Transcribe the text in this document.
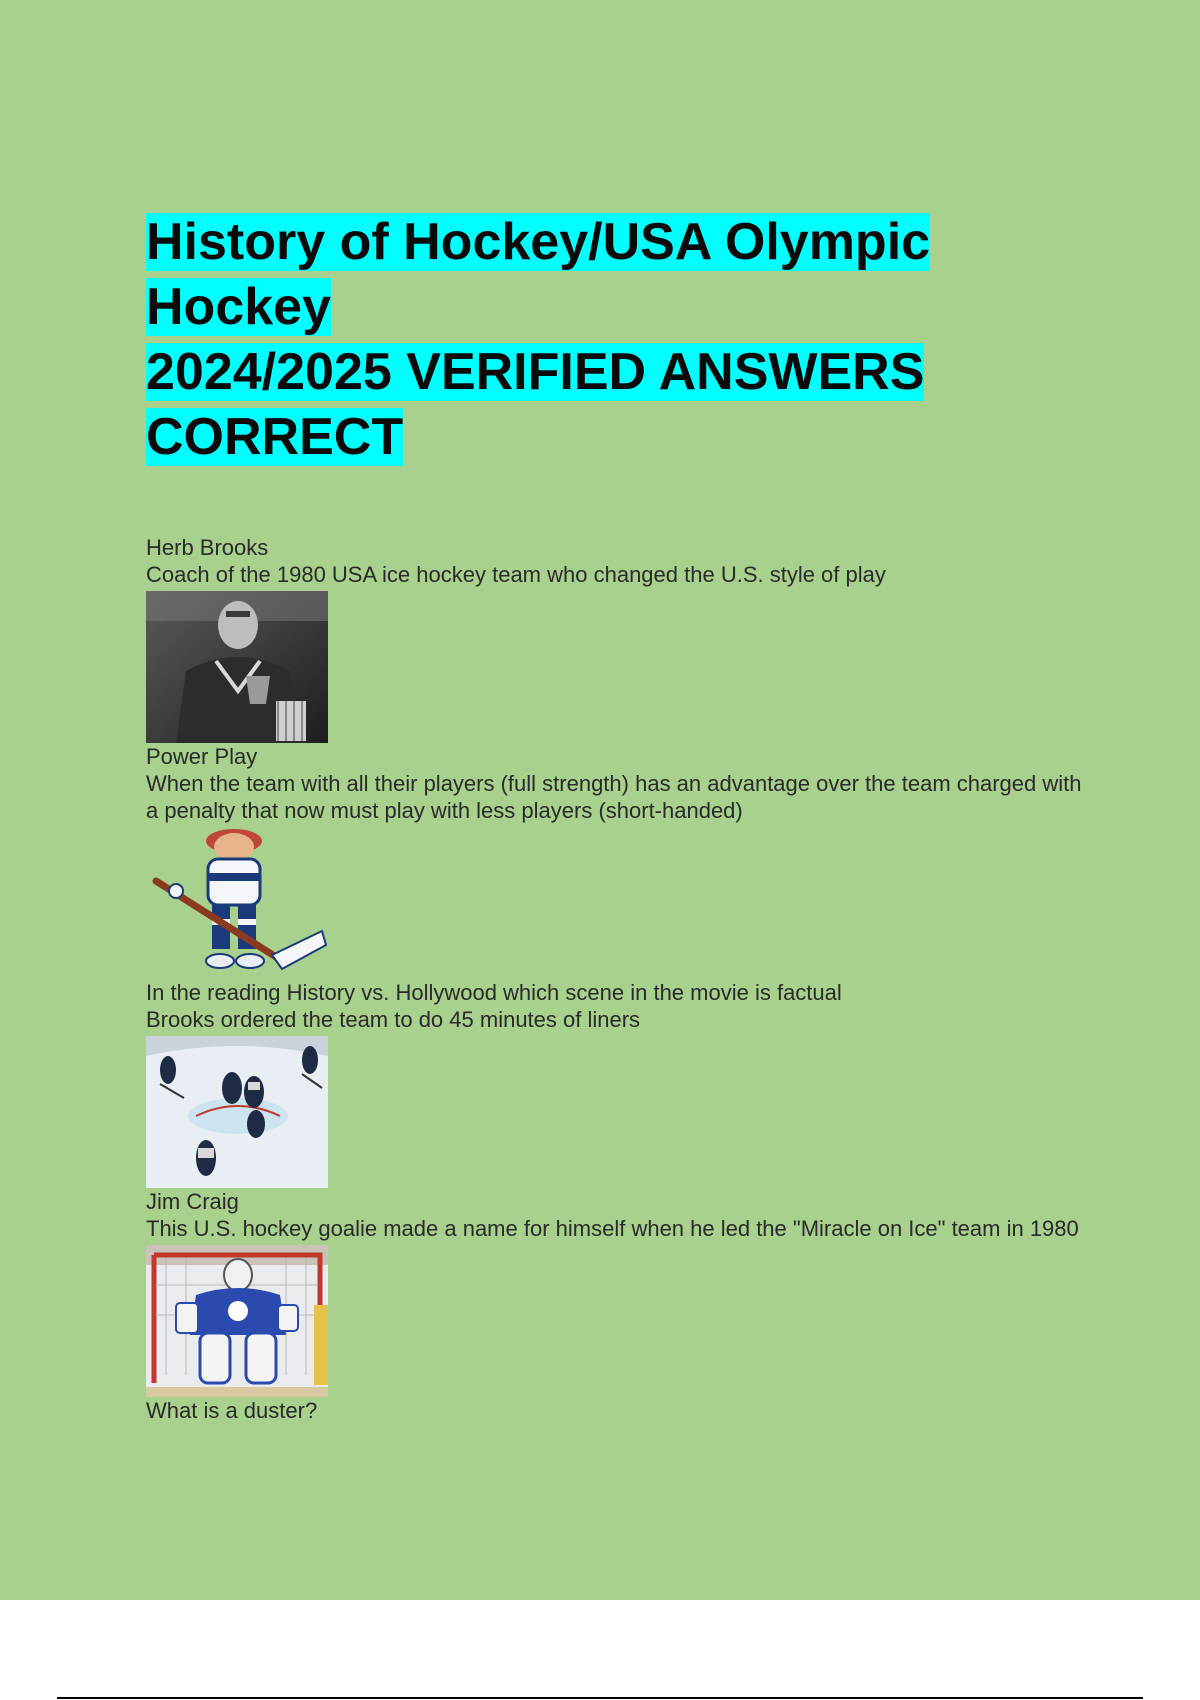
History of Hockey/USA Olympic
Hockey
2024/2025 VERIFIED ANSWERS
CORRECT

Herb Brooks

Coach of the 1980 USA ice hockey team who changed the U.S. style of play

Power Play

When the team with all their players (full strength) has an advantage over the team charged with a penalty that now must play with less players (short-handed)

In the reading History vs. Hollywood which scene in the movie is factual

Brooks ordered the team to do 45 minutes of liners

Jim Craig

This U.S. hockey goalie made a name for himself when he led the "Miracle on Ice" team in 1980

What is a duster?
